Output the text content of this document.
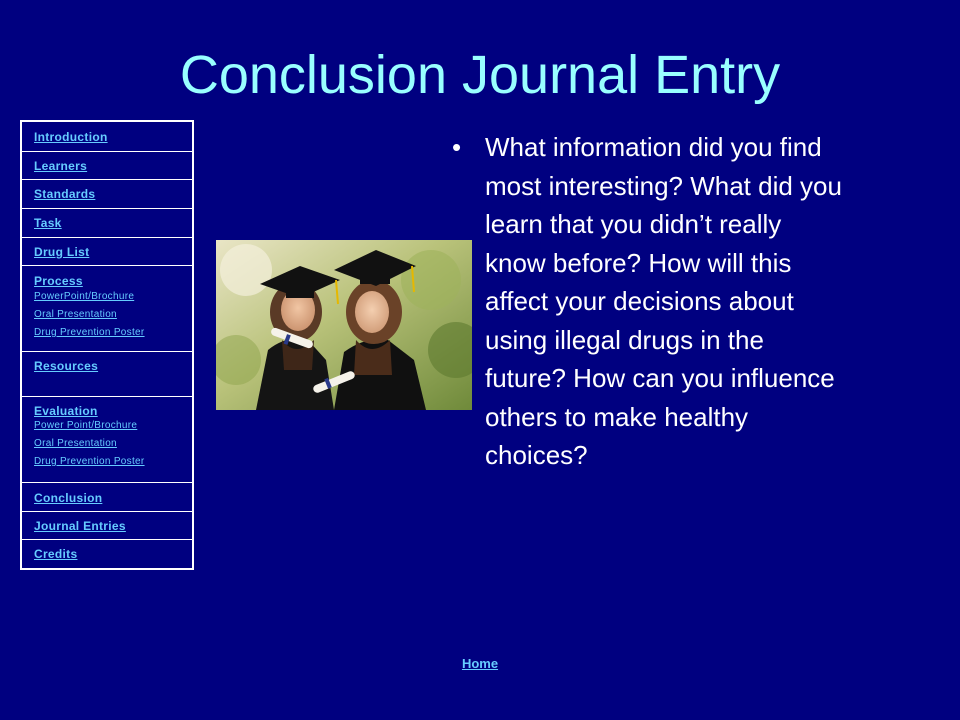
Conclusion Journal Entry
Introduction
Learners
Standards
Task
Drug List
Process
PowerPoint/Brochure
Oral Presentation
Drug Prevention Poster
Resources
Evaluation
Power Point/Brochure
Oral Presentation
Drug Prevention Poster
Conclusion
Journal Entries
Credits
• What information did you find most interesting? What did you learn that you didn’t really know before? How will this affect your decisions about using illegal drugs in the future? How can you influence others to make healthy choices?
Home
